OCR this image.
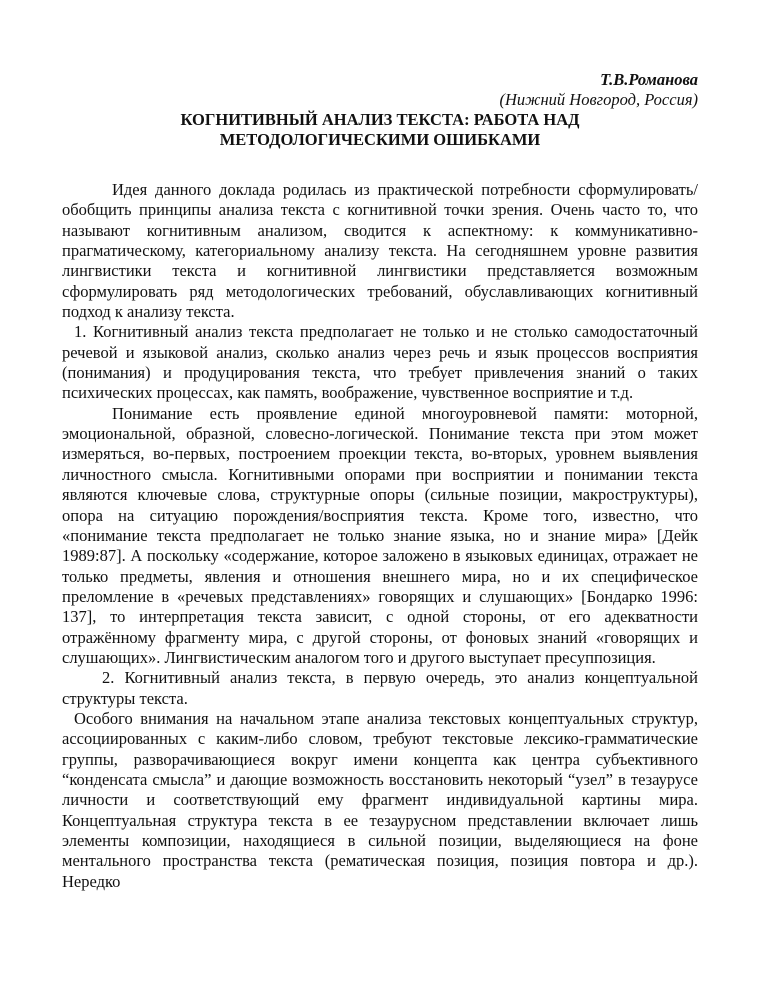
Т.В.Романова
(Нижний Новгород, Россия)
КОГНИТИВНЫЙ АНАЛИЗ ТЕКСТА: РАБОТА НАД
МЕТОДОЛОГИЧЕСКИМИ ОШИБКАМИ

Идея данного доклада родилась из практической потребности сформулировать/обобщить принципы анализа текста с когнитивной точки зрения. Очень часто то, что называют когнитивным анализом, сводится к аспектному: к коммуникативно-прагматическому, категориальному анализу текста. На сегодняшнем уровне развития лингвистики текста и когнитивной лингвистики представляется возможным сформулировать ряд методологических требований, обуславливающих когнитивный подход к анализу текста.

1. Когнитивный анализ текста предполагает не только и не столько самодостаточный речевой и языковой анализ, сколько анализ через речь и язык процессов восприятия (понимания) и продуцирования текста, что требует привлечения знаний о таких психических процессах, как память, воображение, чувственное восприятие и т.д.

Понимание есть проявление единой многоуровневой памяти: моторной, эмоциональной, образной, словесно-логической. Понимание текста при этом может измеряться, во-первых, построением проекции текста, во-вторых, уровнем выявления личностного смысла. Когнитивными опорами при восприятии и понимании текста являются ключевые слова, структурные опоры (сильные позиции, макроструктуры), опора на ситуацию порождения/восприятия текста. Кроме того, известно, что «понимание текста предполагает не только знание языка, но и знание мира» [Дейк 1989:87]. А поскольку «содержание, которое заложено в языковых единицах, отражает не только предметы, явления и отношения внешнего мира, но и их специфическое преломление в «речевых представлениях» говорящих и слушающих» [Бондарко 1996: 137], то интерпретация текста зависит, с одной стороны, от его адекватности отражённому фрагменту мира, с другой стороны, от фоновых знаний «говорящих и слушающих». Лингвистическим аналогом того и другого выступает пресуппозиция.

2. Когнитивный анализ текста, в первую очередь, это анализ концептуальной структуры текста.

Особого внимания на начальном этапе анализа текстовых концептуальных структур, ассоциированных с каким-либо словом, требуют текстовые лексико-грамматические группы, разворачивающиеся вокруг имени концепта как центра субъективного “конденсата смысла” и дающие возможность восстановить некоторый “узел” в тезаурусе личности и соответствующий ему фрагмент индивидуальной картины мира. Концептуальная структура текста в ее тезаурусном представлении включает лишь элементы композиции, находящиеся в сильной позиции, выделяющиеся на фоне ментального пространства текста (рематическая позиция, позиция повтора и др.). Нередко
